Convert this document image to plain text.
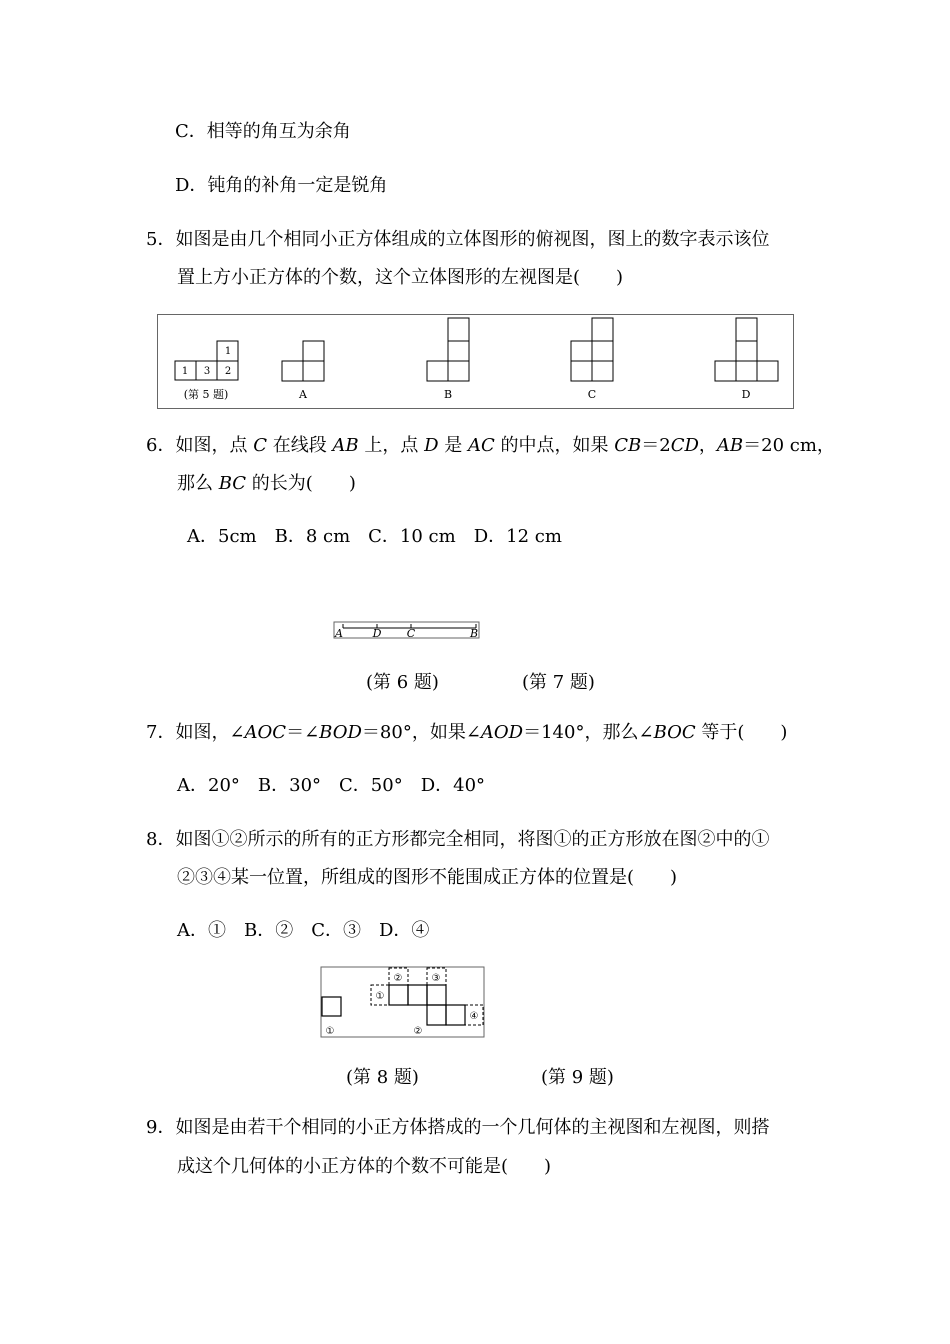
C．相等的角互为余角
D．钝角的补角一定是锐角
5．如图是由几个相同小正方体组成的立体图形的俯视图，图上的数字表示该位
置上方小正方体的个数，这个立体图形的左视图是(　　)
1 3 2
1
(第 5 题)	A	B	C	D
6．如图，点 C 在线段 AB 上，点 D 是 AC 的中点，如果 CB＝2CD，AB＝20 cm，
那么 BC 的长为(　　)
A．5cm　B．8 cm　C．10 cm　D．12 cm
A	D C	B
(第 6 题)	(第 7 题)
7．如图，∠AOC＝∠BOD＝80°，如果∠AOD＝140°，那么∠BOC 等于(　　)
A．20°　B．30°　C．50°　D．40°
8．如图①②所示的所有的正方形都完全相同，将图①的正方形放在图②中的①
②③④某一位置，所组成的图形不能围成正方体的位置是(　　)
A．①　B．②　C．③　D．④
①
②	③
④
①	②
(第 8 题)	(第 9 题)
9．如图是由若干个相同的小正方体搭成的一个几何体的主视图和左视图，则搭
成这个几何体的小正方体的个数不可能是(　　)
